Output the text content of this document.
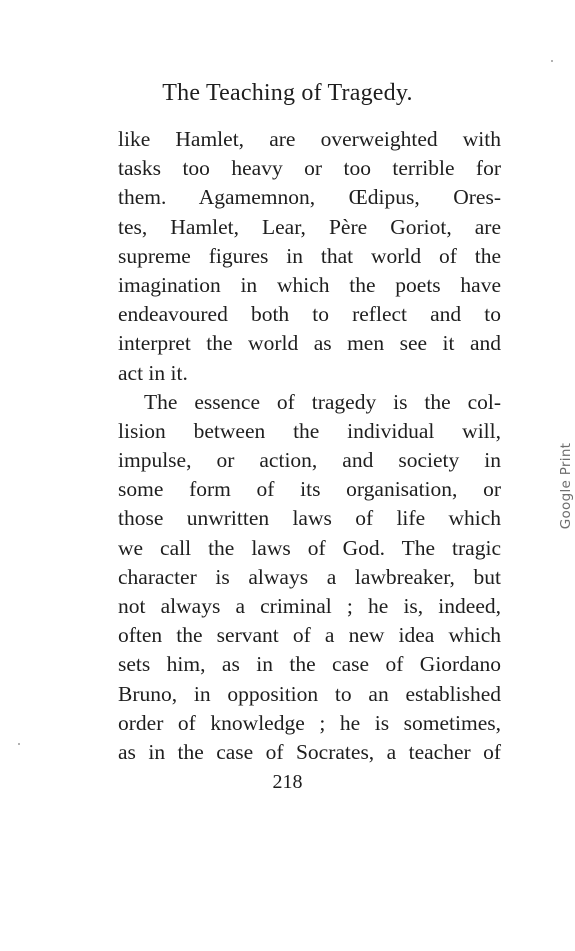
The Teaching of Tragedy.
like Hamlet, are overweighted with
tasks too heavy or too terrible for
them. Agamemnon, Œdipus, Ores-
tes, Hamlet, Lear, Père Goriot, are
supreme figures in that world of the
imagination in which the poets have
endeavoured both to reflect and to
interpret the world as men see it and
act in it.
The essence of tragedy is the col-
lision between the individual will,
impulse, or action, and society in
some form of its organisation, or
those unwritten laws of life which
we call the laws of God. The tragic
character is always a lawbreaker, but
not always a criminal ; he is, indeed,
often the servant of a new idea which
sets him, as in the case of Giordano
Bruno, in opposition to an established
order of knowledge ; he is sometimes,
as in the case of Socrates, a teacher of
218
Google Print
